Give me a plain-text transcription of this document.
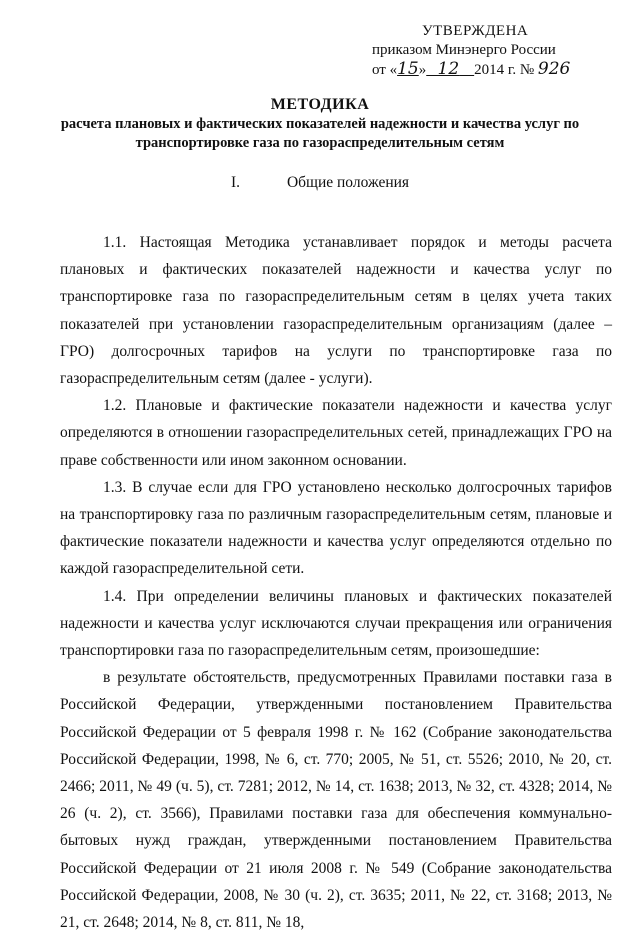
УТВЕРЖДЕНА
приказом Минэнерго России
от «15» 12 2014 г. № 926
МЕТОДИКА
расчета плановых и фактических показателей надежности и качества услуг по
транспортировке газа по газораспределительным сетям
I.	Общие положения

1.1. Настоящая Методика устанавливает порядок и методы расчета плановых и фактических показателей надежности и качества услуг по транспортировке газа по газораспределительным сетям в целях учета таких показателей при установлении газораспределительным организациям (далее – ГРО) долгосрочных тарифов на услуги по транспортировке газа по газораспределительным сетям (далее - услуги).

1.2. Плановые и фактические показатели надежности и качества услуг определяются в отношении газораспределительных сетей, принадлежащих ГРО на праве собственности или ином законном основании.

1.3. В случае если для ГРО установлено несколько долгосрочных тарифов на транспортировку газа по различным газораспределительным сетям, плановые и фактические показатели надежности и качества услуг определяются отдельно по каждой газораспределительной сети.

1.4. При определении величины плановых и фактических показателей надежности и качества услуг исключаются случаи прекращения или ограничения транспортировки газа по газораспределительным сетям, произошедшие:

в результате обстоятельств, предусмотренных Правилами поставки газа в Российской Федерации, утвержденными постановлением Правительства Российской Федерации от 5 февраля 1998 г. № 162 (Собрание законодательства Российской Федерации, 1998, № 6, ст. 770; 2005, № 51, ст. 5526; 2010, № 20, ст. 2466; 2011, № 49 (ч. 5), ст. 7281; 2012, № 14, ст. 1638; 2013, № 32, ст. 4328; 2014, № 26 (ч. 2), ст. 3566), Правилами поставки газа для обеспечения коммунально-бытовых нужд граждан, утвержденными постановлением Правительства Российской Федерации от 21 июля 2008 г. № 549 (Собрание законодательства Российской Федерации, 2008, № 30 (ч. 2), ст. 3635; 2011, № 22, ст. 3168; 2013, № 21, ст. 2648; 2014, № 8, ст. 811, № 18,
